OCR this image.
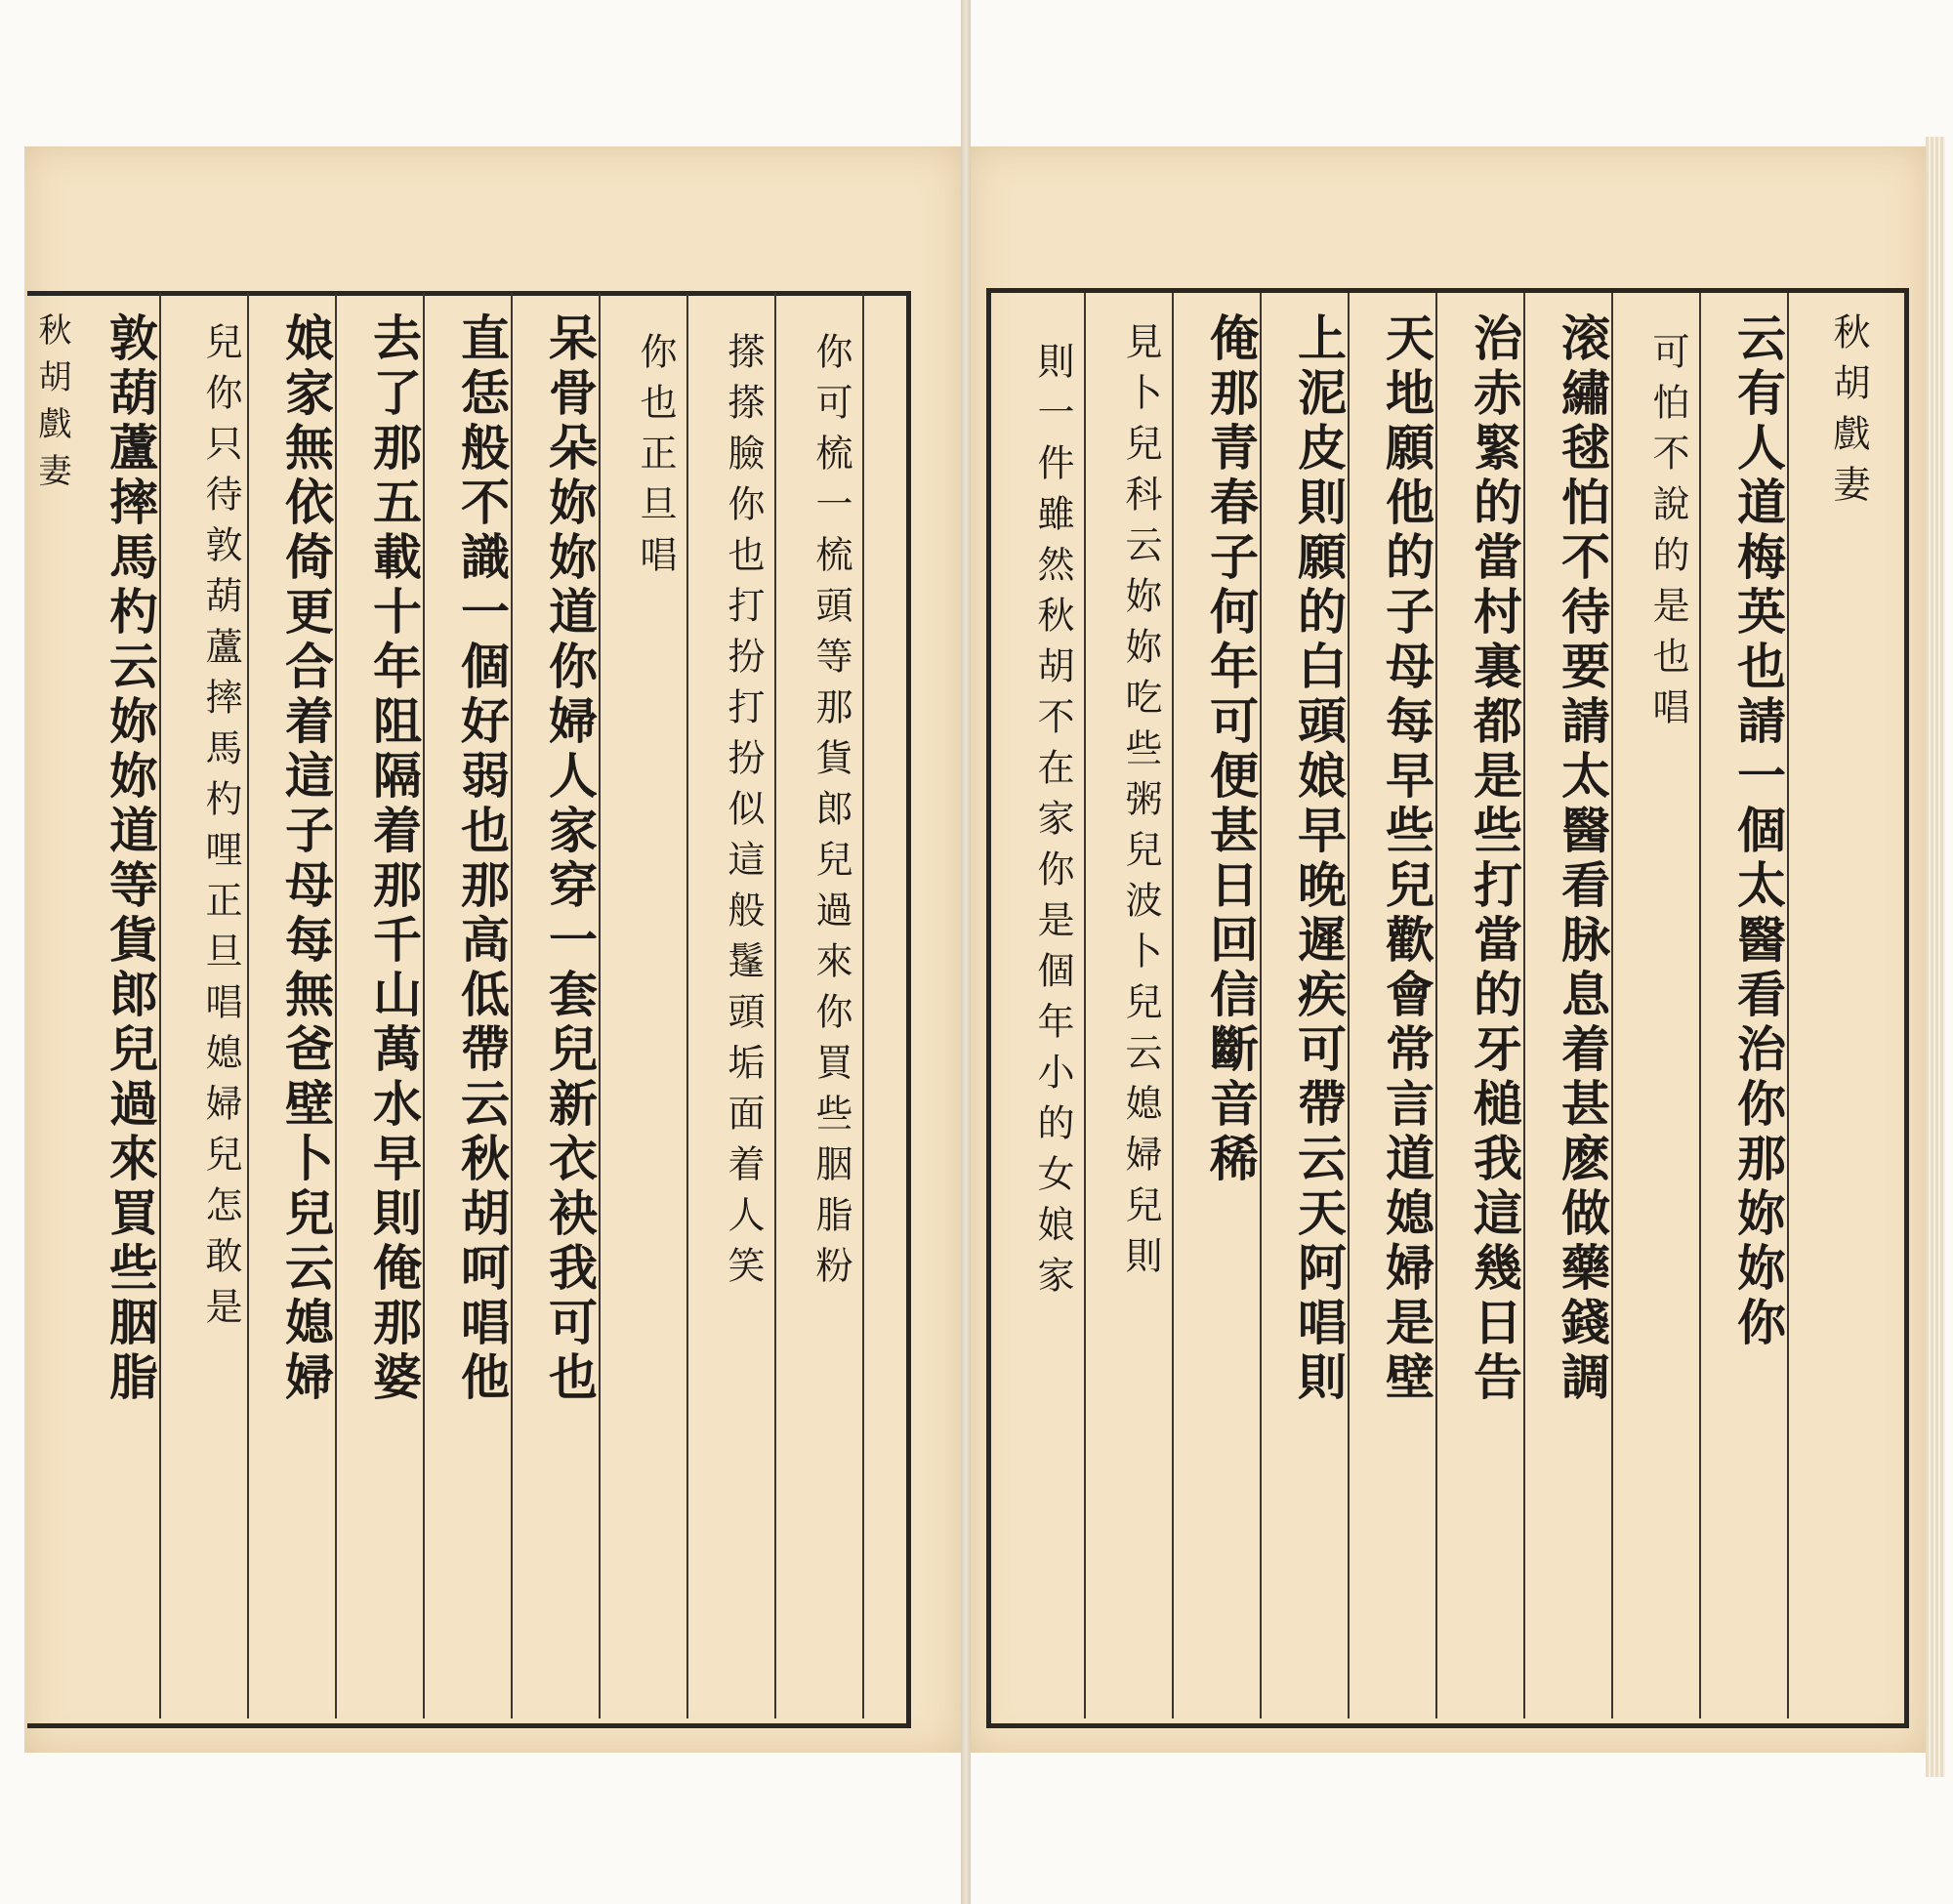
秋胡戲妻
云有人道梅英也請一個太醫看治你那妳妳你
可怕不說的是也唱
滚繡毬怕不待要請太醫看脉息着甚麽做藥錢調
治赤緊的當村裏都是些打當的牙槌我這幾日告
天地願他的子母每早些兒歡會常言道媳婦是壁
上泥皮則願的白頭娘早晚遲疾可帶云天阿唱則
俺那青春子何年可便甚日回信斷音稀
見卜兒科云妳妳吃些粥兒波卜兒云媳婦兒則
則一件雖然秋胡不在家你是個年小的女娘家
你可梳一梳頭等那貨郎兒過來你買些胭脂粉
搽搽臉你也打扮打扮似這般鬔頭垢面着人笑
你也正旦唱
呆骨朵妳妳道你婦人家穿一套兒新衣袂我可也
直恁般不識一個好弱也那高低帶云秋胡呵唱他
去了那五載十年阻隔着那千山萬水早則俺那婆
娘家無依倚更合着這子母每無爸壁卜兒云媳婦
兒你只待敦葫蘆摔馬杓哩正旦唱媳婦兒怎敢是
敦葫蘆摔馬杓云妳妳道等貨郎兒過來買些胭脂
秋胡戲妻
